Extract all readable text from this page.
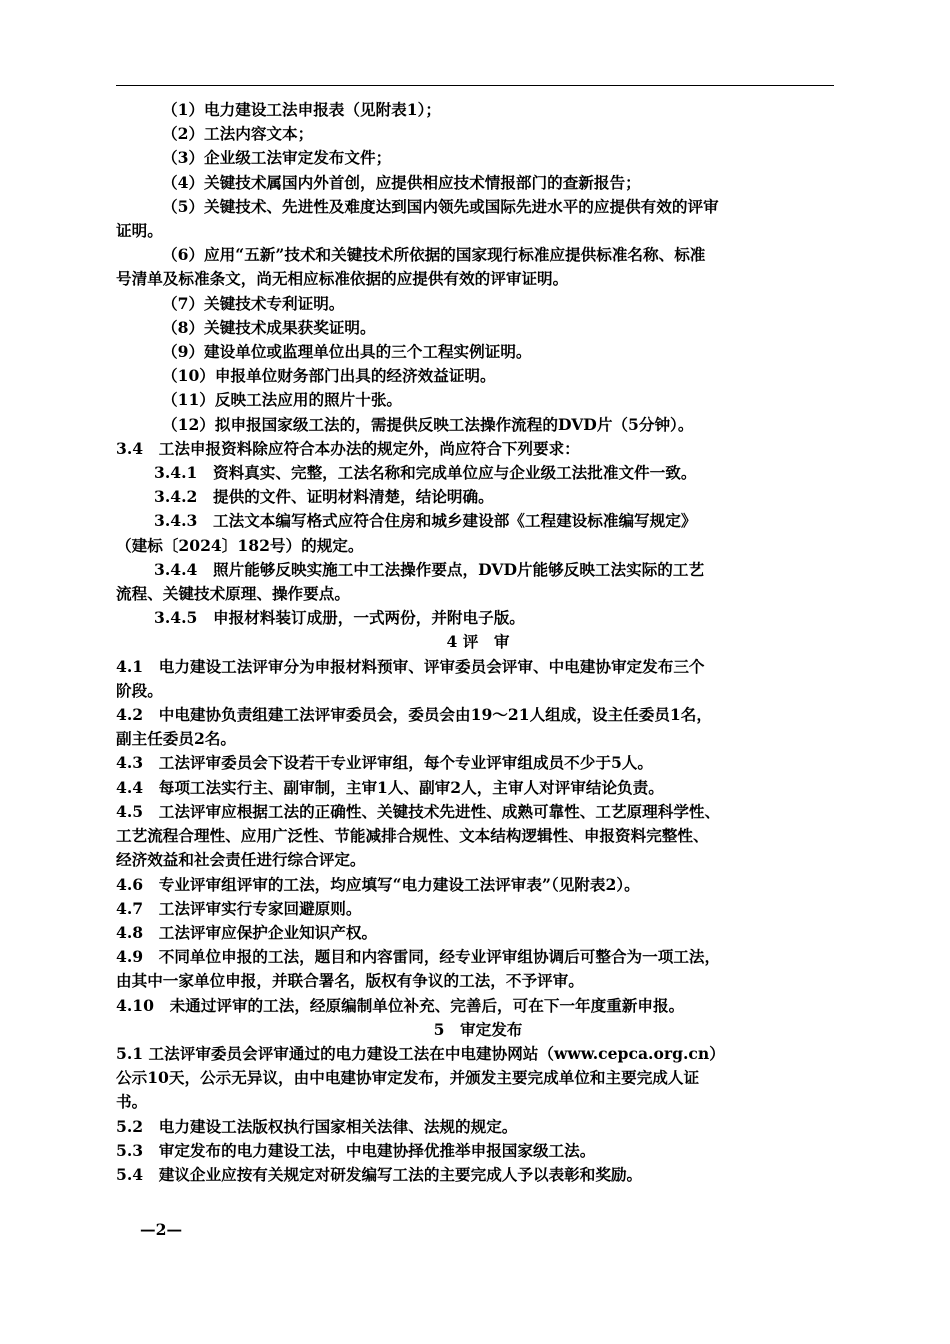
（1）电力建设工法申报表（见附表1）；
（2）工法内容文本；
（3）企业级工法审定发布文件；
（4）关键技术属国内外首创，应提供相应技术情报部门的查新报告；
（5）关键技术、先进性及难度达到国内领先或国际先进水平的应提供有效的评审
证明。
（6）应用“五新”技术和关键技术所依据的国家现行标准应提供标准名称、标准
号清单及标准条文，尚无相应标准依据的应提供有效的评审证明。
（7）关键技术专利证明。
（8）关键技术成果获奖证明。
（9）建设单位或监理单位出具的三个工程实例证明。
（10）申报单位财务部门出具的经济效益证明。
（11）反映工法应用的照片十张。
（12）拟申报国家级工法的，需提供反映工法操作流程的DVD片（5分钟）。
3.4　工法申报资料除应符合本办法的规定外，尚应符合下列要求：
3.4.1　资料真实、完整，工法名称和完成单位应与企业级工法批准文件一致。
3.4.2　提供的文件、证明材料清楚，结论明确。
3.4.3　工法文本编写格式应符合住房和城乡建设部《工程建设标准编写规定》
（建标〔2024〕182号）的规定。
3.4.4　照片能够反映实施工中工法操作要点，DVD片能够反映工法实际的工艺
流程、关键技术原理、操作要点。
3.4.5　申报材料装订成册，一式两份，并附电子版。
4 评　审
4.1　电力建设工法评审分为申报材料预审、评审委员会评审、中电建协审定发布三个
阶段。
4.2　中电建协负责组建工法评审委员会，委员会由19～21人组成，设主任委员1名，
副主任委员2名。
4.3　工法评审委员会下设若干专业评审组，每个专业评审组成员不少于5人。
4.4　每项工法实行主、副审制，主审1人、副审2人，主审人对评审结论负责。
4.5　工法评审应根据工法的正确性、关键技术先进性、成熟可靠性、工艺原理科学性、
工艺流程合理性、应用广泛性、节能减排合规性、文本结构逻辑性、申报资料完整性、
经济效益和社会责任进行综合评定。
4.6　专业评审组评审的工法，均应填写“电力建设工法评审表”（见附表2）。
4.7　工法评审实行专家回避原则。
4.8　工法评审应保护企业知识产权。
4.9　不同单位申报的工法，题目和内容雷同，经专业评审组协调后可整合为一项工法，
由其中一家单位申报，并联合署名，版权有争议的工法，不予评审。
4.10　未通过评审的工法，经原编制单位补充、完善后，可在下一年度重新申报。
5　审定发布
5.1 工法评审委员会评审通过的电力建设工法在中电建协网站（www.cepca.org.cn）
公示10天，公示无异议，由中电建协审定发布，并颁发主要完成单位和主要完成人证
书。
5.2　电力建设工法版权执行国家相关法律、法规的规定。
5.3　审定发布的电力建设工法，中电建协择优推举申报国家级工法。
5.4　建议企业应按有关规定对研发编写工法的主要完成人予以表彰和奖励。
—2—
